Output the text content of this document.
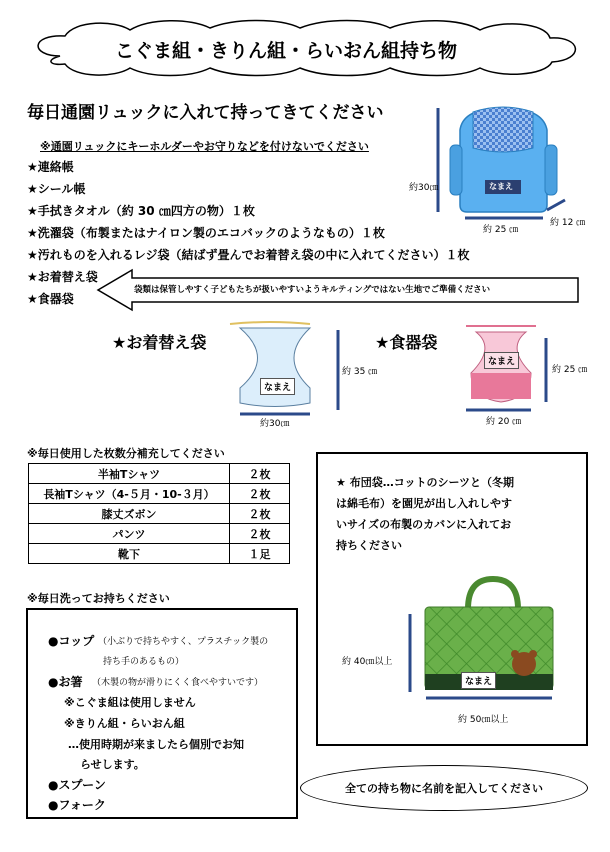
こぐま組・きりん組・らいおん組持ち物
毎日通園リュックに入れて持ってきてください
※通園リュックにキーホルダーやお守りなどを付けないでください
★連絡帳
★シール帳
★手拭きタオル（約 30 ㎝四方の物）１枚
★洗濯袋（布製またはナイロン製のエコバックのようなもの）１枚
★汚れものを入れるレジ袋（結ばず畳んでお着替え袋の中に入れてください）１枚
★お着替え袋
★食器袋
袋類は保管しやすく子どもたちが扱いやすいようキルティングではない生地でご準備ください
なまえ
約30㎝
約 25 ㎝
約 12 ㎝
★お着替え袋
なまえ
約 35 ㎝
約30㎝
★食器袋
なまえ
約 25 ㎝
約 20 ㎝
※毎日使用した枚数分補充してください
半袖Tシャツ	２枚
長袖Tシャツ（4-５月・10-３月）	２枚
膝丈ズボン	２枚
パンツ	２枚
靴下	１足
※毎日洗ってお持ちください
●コップ （小ぶりで持ちやすく、プラスチック製の
持ち手のあるもの）
●お箸 （木製の物が滑りにくく食べやすいです）
※こぐま組は使用しません
※きりん組・らいおん組
…使用時期が来ましたら個別でお知
らせします。
●スプーン
●フォーク
★ 布団袋…コットのシーツと（冬期
は綿毛布）を園児が出し入れしやす
いサイズの布製のカバンに入れてお
持ちください
なまえ
約 40㎝以上
約 50㎝以上
全ての持ち物に名前を記入してください
